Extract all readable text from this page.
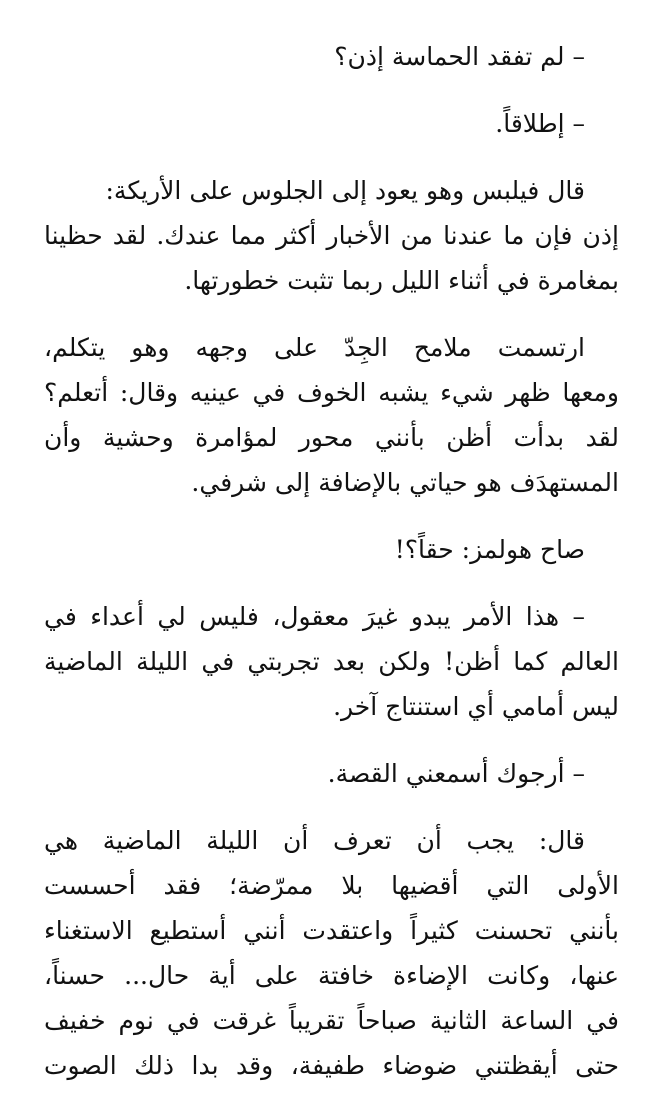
– لم تفقد الحماسة إذن؟

– إطلاقاً.

قال فيلبس وهو يعود إلى الجلوس على الأريكة:
إذن فإن ما عندنا من الأخبار أكثر مما عندك. لقد حظينا
بمغامرة في أثناء الليل ربما تثبت خطورتها.

ارتسمت ملامح الجِدّ على وجهه وهو يتكلم،
ومعها ظهر شيء يشبه الخوف في عينيه وقال: أتعلم؟
لقد بدأت أظن بأنني محور لمؤامرة وحشية وأن
المستهدَف هو حياتي بالإضافة إلى شرفي.

صاح هولمز: حقاً؟!

– هذا الأمر يبدو غيرَ معقول، فليس لي أعداء في
العالم كما أظن! ولكن بعد تجربتي في الليلة الماضية
ليس أمامي أي استنتاج آخر.

– أرجوك أسمعني القصة.

قال: يجب أن تعرف أن الليلة الماضية هي
الأولى التي أقضيها بلا ممرّضة؛ فقد أحسست
بأنني تحسنت كثيراً واعتقدت أنني أستطيع الاستغناء
عنها، وكانت الإضاءة خافتة على أية حال... حسناً،
في الساعة الثانية صباحاً تقريباً غرقت في نوم خفيف
حتى أيقظتني ضوضاء طفيفة، وقد بدا ذلك الصوت
